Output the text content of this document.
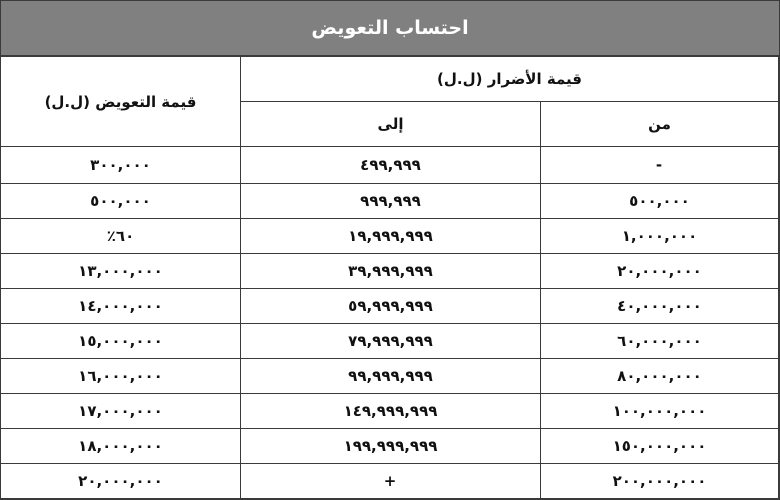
احتساب التعويض
قيمة الأضرار (ل.ل)		قيمة التعويض (ل.ل)
من	إلى	
-	٤٩٩,٩٩٩	٣٠٠,٠٠٠
٥٠٠,٠٠٠	٩٩٩,٩٩٩	٥٠٠,٠٠٠
١,٠٠٠,٠٠٠	١٩,٩٩٩,٩٩٩	٦٠٪
٢٠,٠٠٠,٠٠٠	٣٩,٩٩٩,٩٩٩	١٣,٠٠٠,٠٠٠
٤٠,٠٠٠,٠٠٠	٥٩,٩٩٩,٩٩٩	١٤,٠٠٠,٠٠٠
٦٠,٠٠٠,٠٠٠	٧٩,٩٩٩,٩٩٩	١٥,٠٠٠,٠٠٠
٨٠,٠٠٠,٠٠٠	٩٩,٩٩٩,٩٩٩	١٦,٠٠٠,٠٠٠
١٠٠,٠٠٠,٠٠٠	١٤٩,٩٩٩,٩٩٩	١٧,٠٠٠,٠٠٠
١٥٠,٠٠٠,٠٠٠	١٩٩,٩٩٩,٩٩٩	١٨,٠٠٠,٠٠٠
٢٠٠,٠٠٠,٠٠٠	+	٢٠,٠٠٠,٠٠٠
